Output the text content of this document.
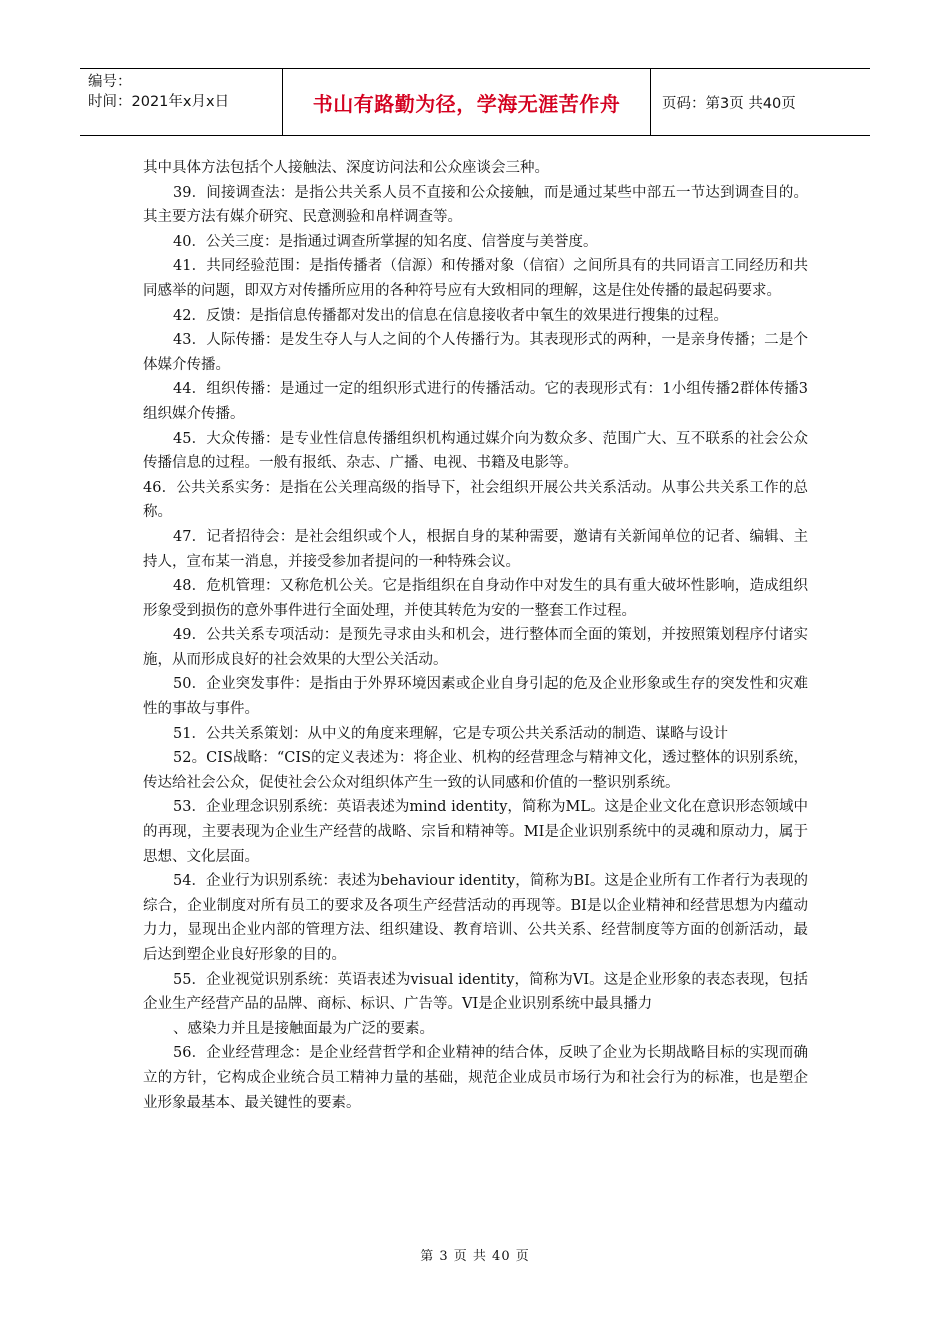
编号：
时间：2021年x月x日	书山有路勤为径，学海无涯苦作舟	页码：第3页 共40页

其中具体方法包括个人接触法、深度访问法和公众座谈会三种。

39．间接调查法：是指公共关系人员不直接和公众接触，而是通过某些中部五一节达到调查目的。其主要方法有媒介研究、民意测验和帛样调查等。

40．公关三度：是指通过调查所掌握的知名度、信誉度与美誉度。

41．共同经验范围：是指传播者（信源）和传播对象（信宿）之间所具有的共同语言工同经历和共同感举的问题，即双方对传播所应用的各种符号应有大致相同的理解，这是住处传播的最起码要求。

42．反馈：是指信息传播都对发出的信息在信息接收者中氧生的效果进行搜集的过程。

43．人际传播：是发生夺人与人之间的个人传播行为。其表现形式的两种，一是亲身传播；二是个体媒介传播。

44．组织传播：是通过一定的组织形式进行的传播活动。它的表现形式有：1小组传播2群体传播3组织媒介传播。

45．大众传播：是专业性信息传播组织机构通过媒介向为数众多、范围广大、互不联系的社会公众传播信息的过程。一般有报纸、杂志、广播、电视、书籍及电影等。

46．公共关系实务：是指在公关理高级的指导下，社会组织开展公共关系活动。从事公共关系工作的总称。

47．记者招待会：是社会组织或个人，根据自身的某种需要，邀请有关新闻单位的记者、编辑、主持人，宣布某一消息，并接受参加者提问的一种特殊会议。

48．危机管理：又称危机公关。它是指组织在自身动作中对发生的具有重大破坏性影响，造成组织形象受到损伤的意外事件进行全面处理，并使其转危为安的一整套工作过程。

49．公共关系专项活动：是预先寻求由头和机会，进行整体而全面的策划，并按照策划程序付诸实施，从而形成良好的社会效果的大型公关活动。

50．企业突发事件：是指由于外界环境因素或企业自身引起的危及企业形象或生存的突发性和灾难性的事故与事件。

51．公共关系策划：从中义的角度来理解，它是专项公共关系活动的制造、谋略与设计

52。CIS战略：“CIS的定义表述为：将企业、机构的经营理念与精神文化，透过整体的识别系统，传达给社会公众，促使社会公众对组织体产生一致的认同感和价值的一整识别系统。

53．企业理念识别系统：英语表述为mind identity，简称为ML。这是企业文化在意识形态领域中的再现，主要表现为企业生产经营的战略、宗旨和精神等。MI是企业识别系统中的灵魂和原动力，属于思想、文化层面。

54．企业行为识别系统：表述为behaviour identity，简称为BI。这是企业所有工作者行为表现的综合，企业制度对所有员工的要求及各项生产经营活动的再现等。BI是以企业精神和经营思想为内蕴动力力，显现出企业内部的管理方法、组织建设、教育培训、公共关系、经营制度等方面的创新活动，最后达到塑企业良好形象的目的。

55．企业视觉识别系统：英语表述为visual identity，简称为VI。这是企业形象的表态表现，包括企业生产经营产品的品牌、商标、标识、广告等。VI是企业识别系统中最具播力

、感染力并且是接触面最为广泛的要素。

56．企业经营理念：是企业经营哲学和企业精神的结合体，反映了企业为长期战略目标的实现而确立的方针，它构成企业统合员工精神力量的基础，规范企业成员市场行为和社会行为的标准，也是塑企业形象最基本、最关键性的要素。

第 3 页 共 40 页
